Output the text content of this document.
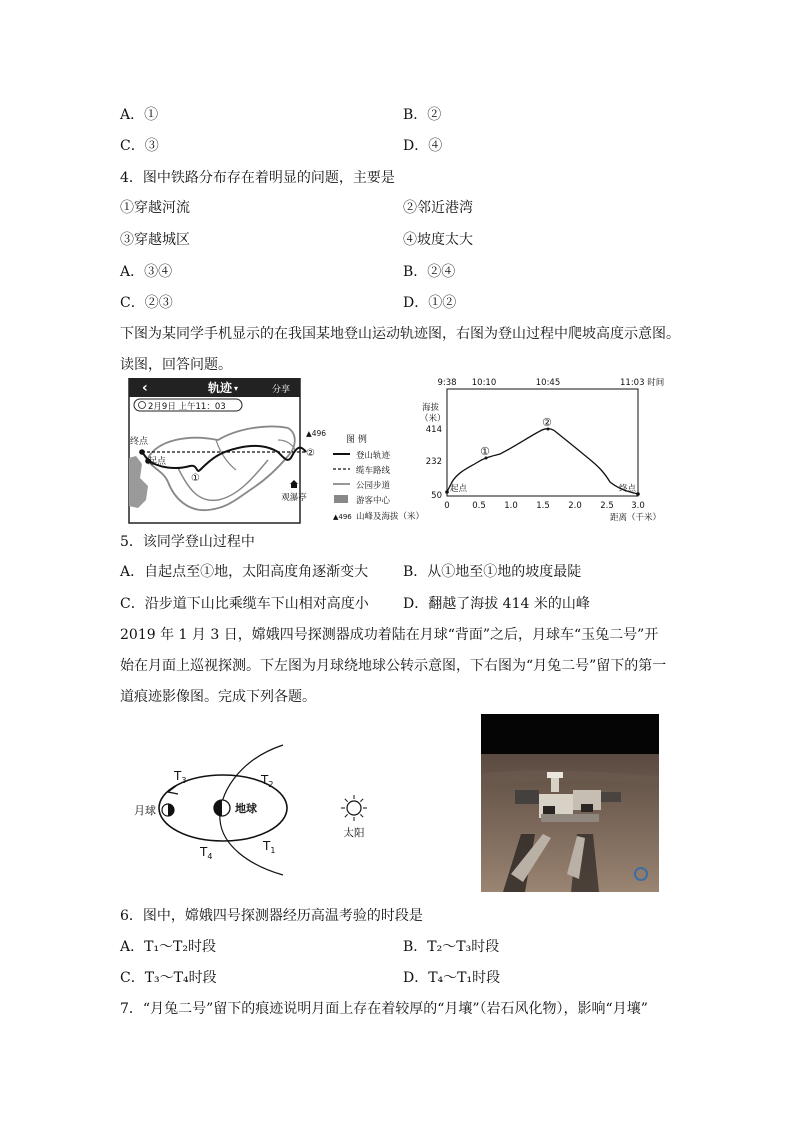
A．①	B．②
C．③	D．④
4．图中铁路分布存在着明显的问题，主要是
①穿越河流	②邻近港湾
③穿越城区	④坡度太大
A．③④	B．②④
C．②③	D．①②
下图为某同学手机显示的在我国某地登山运动轨迹图，右图为登山过程中爬坡高度示意图。
读图，回答问题。
‹	轨迹 ▾	分享
2月9日 上午11：03
终点
起点
①
②
▲496
观瀑亭
图 例
登山轨迹
缆车路线
公园步道
游客中心
▲496 山峰及海拔（米）
9:38 10:10	10:45	11:03 时间
海拔
（米）
414
232
50
①
②
起点	终点
0	0.5 1.0 1.5 2.0 2.5 3.0
距离（千米）
5．该同学登山过程中
A．自起点至①地，太阳高度角逐渐变大 B．从①地至①地的坡度最陡
C．沿步道下山比乘缆车下山相对高度小 D．翻越了海拔 414 米的山峰
2019 年 1 月 3 日，嫦娥四号探测器成功着陆在月球“背面”之后，月球车“玉兔二号”开
始在月面上巡视探测。下左图为月球绕地球公转示意图，下右图为“月兔二号”留下的第一
道痕迹影像图。完成下列各题。
月球	地球
$T_3$	$T_2$
$T_1$
$T_4$
太阳
6．图中，嫦娥四号探测器经历高温考验的时段是
A．T₁～T₂时段	B．T₂～T₃时段
C．T₃～T₄时段	D．T₄～T₁时段
7．“月兔二号”留下的痕迹说明月面上存在着较厚的“月壤”（岩石风化物），影响“月壤”
